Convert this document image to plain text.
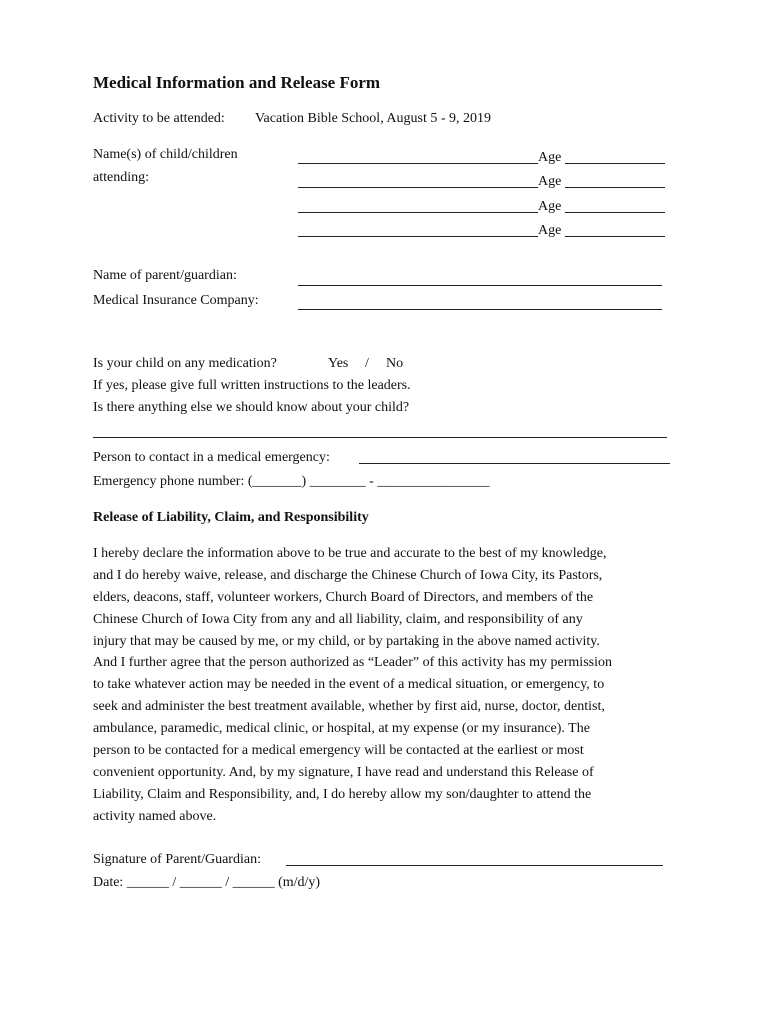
Medical Information and Release Form
Activity to be attended: Vacation Bible School, August 5 - 9, 2019
Name(s) of child/children
attending:
Age
Age
Age
Age
Name of parent/guardian:
Medical Insurance Company:
Is your child on any medication?	Yes / No
If yes, please give full written instructions to the leaders.
Is there anything else we should know about your child?
Person to contact in a medical emergency:
Emergency phone number: (_______) ________ - ________________
Release of Liability, Claim, and Responsibility
I hereby declare the information above to be true and accurate to the best of my knowledge,
and I do hereby waive, release, and discharge the Chinese Church of Iowa City, its Pastors,
elders, deacons, staff, volunteer workers, Church Board of Directors, and members of the
Chinese Church of Iowa City from any and all liability, claim, and responsibility of any
injury that may be caused by me, or my child, or by partaking in the above named activity.
And I further agree that the person authorized as “Leader” of this activity has my permission
to take whatever action may be needed in the event of a medical situation, or emergency, to
seek and administer the best treatment available, whether by first aid, nurse, doctor, dentist,
ambulance, paramedic, medical clinic, or hospital, at my expense (or my insurance). The
person to be contacted for a medical emergency will be contacted at the earliest or most
convenient opportunity. And, by my signature, I have read and understand this Release of
Liability, Claim and Responsibility, and, I do hereby allow my son/daughter to attend the
activity named above.
Signature of Parent/Guardian:
Date: ______ / ______ / ______ (m/d/y)
